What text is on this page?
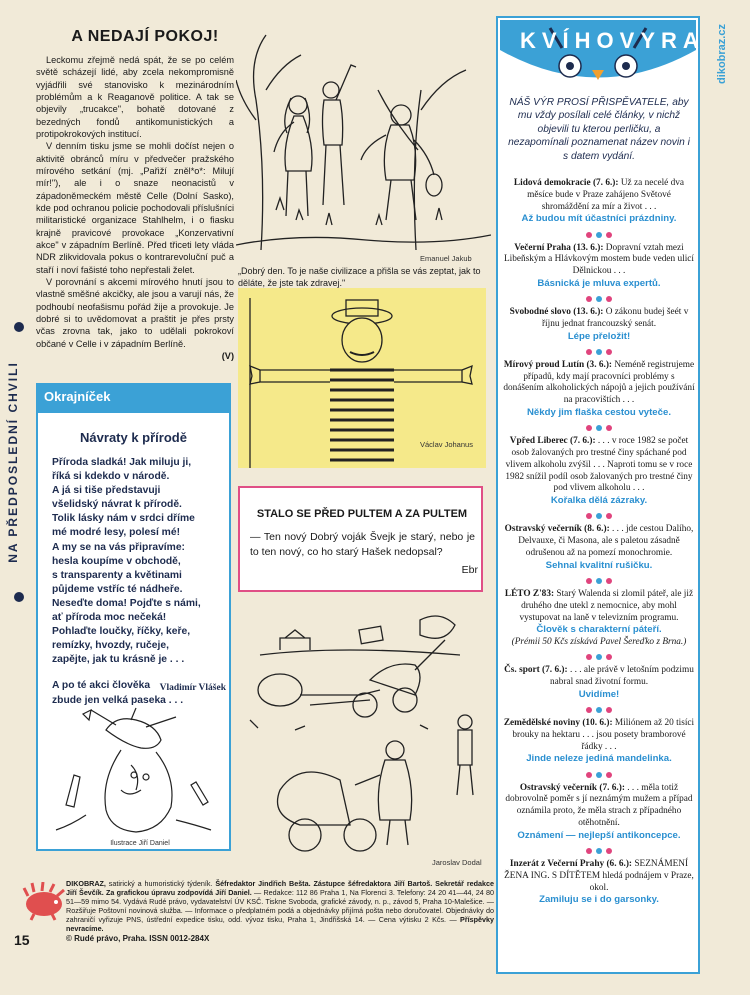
A NEDAJÍ POKOJ!

Leckomu zřejmě nedá spát, že se po celém světě scházejí lidé, aby zcela nekompromisně vyjádřili své stanovisko k mezinárodním problémům a k Reaganově politice. A tak se objevily „trucakce", bohatě dotované z bezedných fondů antikomunistických a protipokrokových institucí.

V denním tisku jsme se mohli dočíst nejen o aktivitě obránců míru v předvečer pražského mírového setkání (mj. „Pařiží zněl*o*: Milují mír!"), ale i o snaze neonacistů v západoněmeckém městě Celle (Dolní Sasko), kde pod ochranou policie pochodovali příslušníci militaristické organizace Stahlhelm, i o fiasku krajně pravicové provokace „Konzervativní akce" v západním Berlíně. Před třiceti lety vláda NDR zlikvidovala pokus o kontrarevoluční puč a staří i noví fašisté toho nepřestali želet.

V porovnání s akcemi mírového hnutí jsou to vlastně směšné akcičky, ale jsou a varují nás, že podhoubí neofašismu pořád žije a provokuje. Je dobré si to uvědomovat a praštit je přes prsty včas zrovna tak, jako to udělali pokrokoví občané v Celle i v západním Berlíně.

(V)
NA PŘEDPOSLEDNÍ CHVILI	Okrajníček
Návraty k přírodě
Příroda sladká! Jak miluju ji,
říká si kdekdo v národě.
A já si tiše představuji
všelidský návrat k přírodě.
Tolik lásky nám v srdci dříme
mé modré lesy, polesí mé!
A my se na vás připravíme:
hesla koupíme v obchodě,
s transparenty a květinami
půjdeme vstříc té nádheře.
Neseďte doma! Pojďte s námi,
ať příroda moc nečeká!
Pohlaďte loučky, říčky, keře,
remízky, hvozdy, ručeje,
zapějte, jak tu krásně je . . .
A po té akci člověka
zbude jen velká paseka . . .
Vladimír Vlášek
Ilustrace Jiří Daniel
Emanuel Jakub
„Dobrý den. To je naše civilizace a přišla se vás zeptat, jak to děláte, že jste tak zdravej."
Václav Johanus
STALO SE PŘED PULTEM A ZA PULTEM
— Ten nový Dobrý voják Švejk je starý, nebo je to ten nový, co ho starý Hašek nedopsal?
Ebr
Jaroslav Dodal
KVÍHOVYRA dikobraz.cz
NÁŠ VÝR PROSÍ PŘISPĚVATELE, aby mu vždy posílali celé články, v nichž objevili tu kterou perličku, a nezapomínali poznamenat název novin i s datem vydání.
Lidová demokracie (7. 6.): Už za necelé dva měsíce bude v Praze zahájeno Světové shromáždění za mír a život . . .
Až budou mít účastníci prázdniny.
Večerní Praha (13. 6.): Dopravní vztah mezi Libeňským a Hlávkovým mostem bude veden ulicí Dělnickou . . .
Básnická je mluva expertů.
Svobodné slovo (13. 6.): O zákonu budej šeét v říjnu jednat francouzský senát.
Lépe přeložit!
Mírový proud Lutín (3. 6.): Neméně registrujeme případů, kdy mají pracovníci problémy s donášením alkoholických nápojů a jejich používání na pracovištích . . .
Někdy jim flaška cestou vyteče.
Vpřed Liberec (7. 6.): . . . v roce 1982 se počet osob žalovaných pro trestné činy spáchané pod vlivem alkoholu zvýšil . . . Naproti tomu se v roce 1982 snížil podíl osob žalovaných pro trestné činy pod vlivem alkoholu . . .
Kořalka dělá zázraky.
Ostravský večerník (8. 6.): . . . jde cestou Dalího, Delvauxe, či Masona, ale s paletou zásadně odrušenou až na pomezí monochromie.
Sehnal kvalitní rušičku.
LÉTO Z'83: Starý Walenda si zlomil páteř, ale již druhého dne utekl z nemocnice, aby mohl vystupovat na laně v televizním programu.
Člověk s charakterní páteří.
(Prémii 50 Kčs získává Pavel Šereďko z Brna.)
Čs. sport (7. 6.): . . . ale právě v letošním podzimu nabral snad životní formu.
Uvidíme!
Zemědělské noviny (10. 6.): Miliónem až 20 tisíci brouky na hektaru . . . jsou posety bramborové řádky . . .
Jinde neleze jediná mandelinka.
Ostravský večerník (7. 6.): . . . měla totiž dobrovolně poměr s jí neznámým mužem a případ oznámila proto, že měla strach z případného otěhotnění.
Oznámení — nejlepší antikoncepce.
Inzerát z Večerní Prahy (6. 6.): SEZNÁMENÍ ŽENA ING. S DÍTĚTEM hledá podnájem v Praze, okol.
Zamiluju se i do garsonky.
DIKOBRAZ, satirický a humoristický týdeník. Šéfredaktor Jindřich Bešta. Zástupce šéfredaktora Jiří Bartoš. Sekretář redakce Jiří Ševčík. Za grafickou úpravu zodpovídá Jiří Daniel. — Redakce: 112 86 Praha 1, Na Florenci 3. Telefony: 24 20 41—44, 24 80 51—59 mimo 54. Vydává Rudé právo, vydavatelství ÚV KSČ. Tiskne Svoboda, grafické závody, n. p., závod 5, Praha 10-Malešice. — Rozšiřuje Poštovní novinová služba. — Informace o předplatném podá a objednávky přijímá pošta nebo doručovatel. Objednávky do zahraničí vyřizuje PNS, ústřední expedice tisku, odd. vývoz tisku, Praha 1, Jindřišská 14. — Cena výtisku 2 Kčs. — Příspěvky nevracíme.
15	© Rudé právo, Praha. ISSN 0012-284X
